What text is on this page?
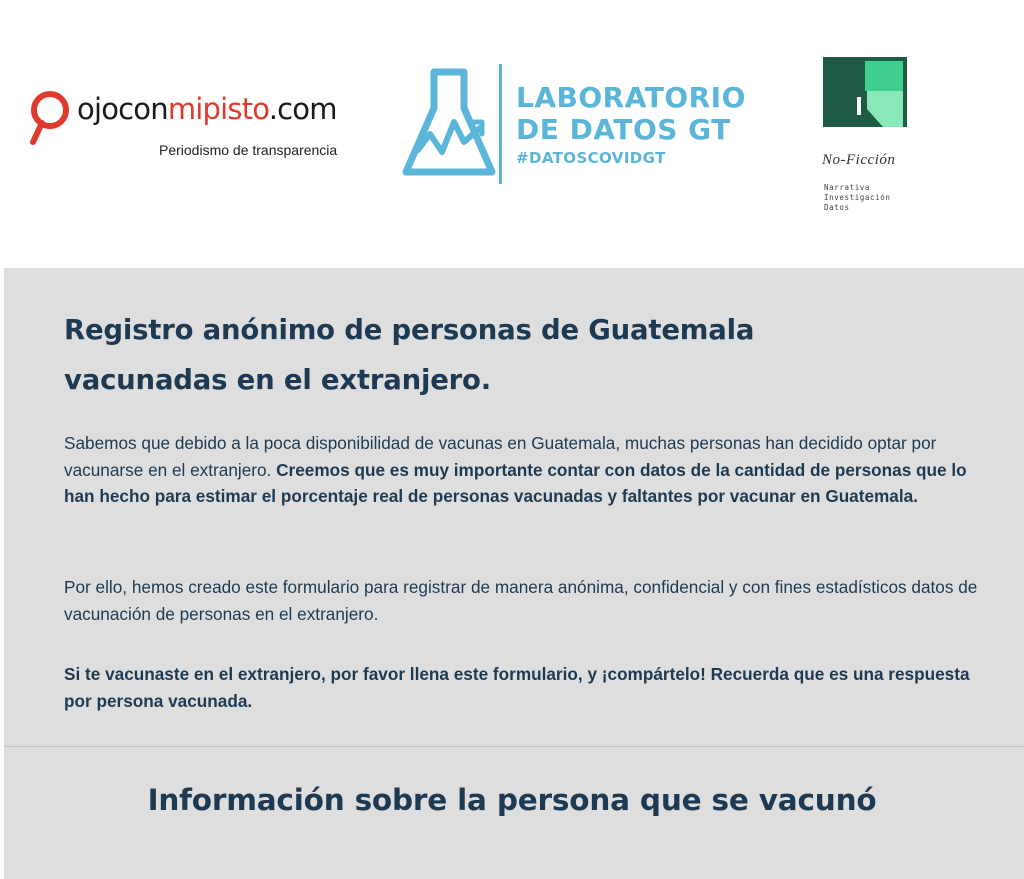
ojoconmipisto.com
Periodismo de transparencia
LABORATORIO
DE DATOS GT
#DATOSCOVIDGT	No-Ficción
Narrativa
Investigación
Datos
Registro anónimo de personas de Guatemala vacunadas en el extranjero.
Sabemos que debido a la poca disponibilidad de vacunas en Guatemala, muchas personas han decidido optar por vacunarse en el extranjero. Creemos que es muy importante contar con datos de la cantidad de personas que lo han hecho para estimar el porcentaje real de personas vacunadas y faltantes por vacunar en Guatemala.
Por ello, hemos creado este formulario para registrar de manera anónima, confidencial y con fines estadísticos datos de vacunación de personas en el extranjero.
Si te vacunaste en el extranjero, por favor llena este formulario, y ¡compártelo! Recuerda que es una respuesta por persona vacunada.
Información sobre la persona que se vacunó
